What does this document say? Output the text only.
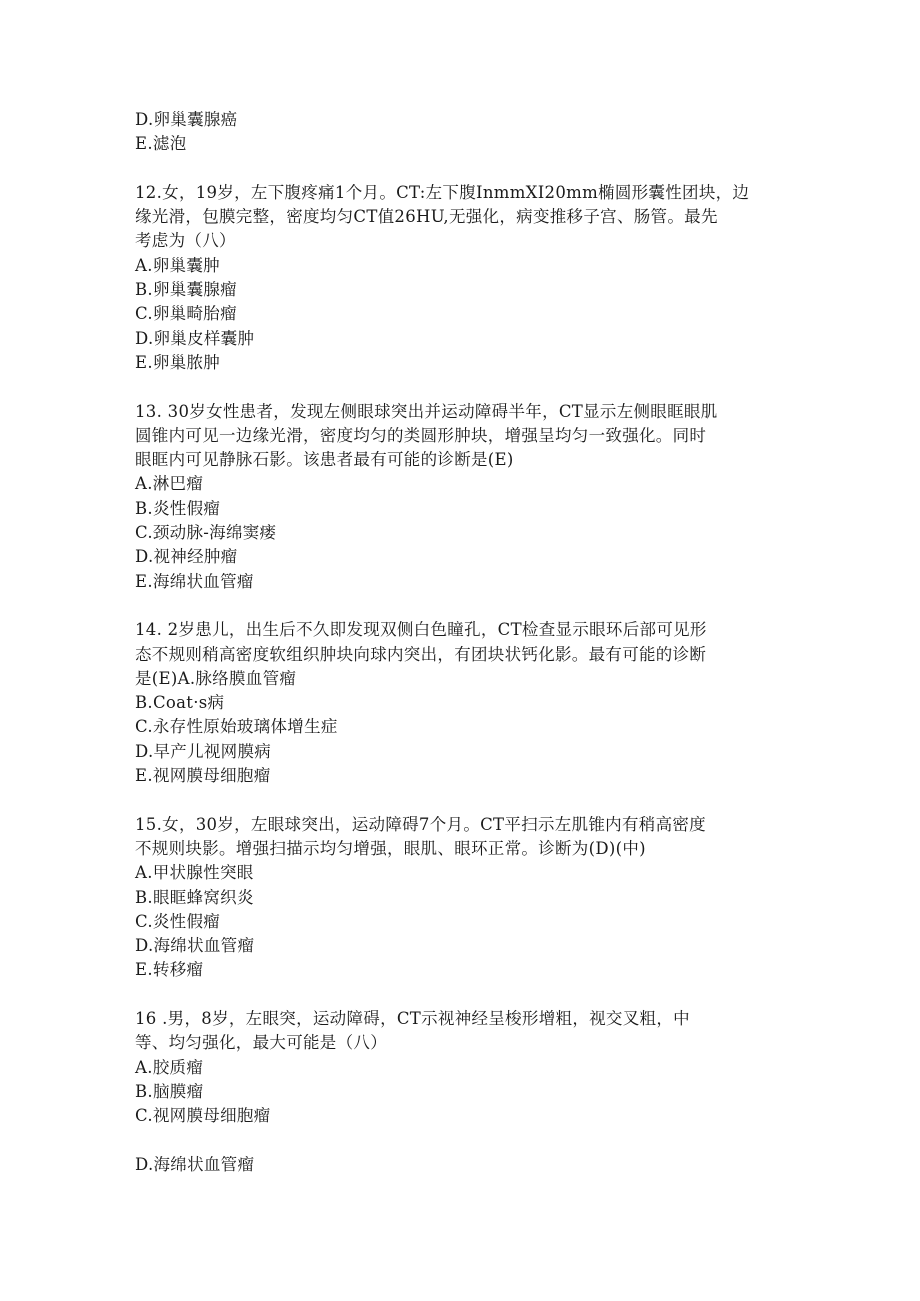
D.卵巢囊腺癌
E.滤泡
12.女，19岁，左下腹疼痛1个月。CT:左下腹InmmXI20mm椭圆形囊性团块，边
缘光滑，包膜完整，密度均匀CT值26HU,无强化，病变推移子宫、肠管。最先
考虑为（八）
A.卵巢囊肿
B.卵巢囊腺瘤
C.卵巢畸胎瘤
D.卵巢皮样囊肿
E.卵巢脓肿
13. 30岁女性患者，发现左侧眼球突出并运动障碍半年，CT显示左侧眼眶眼肌
圆锥内可见一边缘光滑，密度均匀的类圆形肿块，增强呈均匀一致强化。同时
眼眶内可见静脉石影。该患者最有可能的诊断是(E)
A.淋巴瘤
B.炎性假瘤
C.颈动脉-海绵窦瘘
D.视神经肿瘤
E.海绵状血管瘤
14. 2岁患儿，出生后不久即发现双侧白色瞳孔，CT检查显示眼环后部可见形
态不规则稍高密度软组织肿块向球内突出，有团块状钙化影。最有可能的诊断
是(E)A.脉络膜血管瘤
B.Coat·s病
C.永存性原始玻璃体增生症
D.早产儿视网膜病
E.视网膜母细胞瘤
15.女，30岁，左眼球突出，运动障碍7个月。CT平扫示左肌锥内有稍高密度
不规则块影。增强扫描示均匀增强，眼肌、眼环正常。诊断为(D)(中)
A.甲状腺性突眼
B.眼眶蜂窝织炎
C.炎性假瘤
D.海绵状血管瘤
E.转移瘤
16 .男，8岁，左眼突，运动障碍，CT示视神经呈梭形增粗，视交叉粗，中
等、均匀强化，最大可能是（八）
A.胶质瘤
B.脑膜瘤
C.视网膜母细胞瘤
D.海绵状血管瘤
